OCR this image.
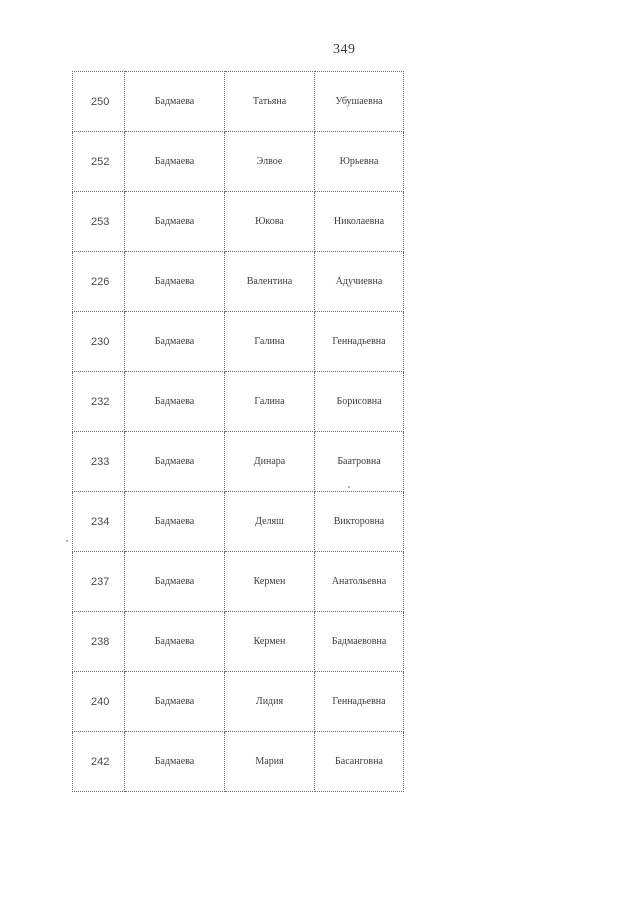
349
250	Бадмаева	Татьяна	Убушаевна
252	Бадмаева	Элвое	Юрьевна
253	Бадмаева	Юкова	Николаевна
226	Бадмаева	Валентина	Адучиевна
230	Бадмаева	Галина	Геннадьевна
232	Бадмаева	Галина	Борисовна
233	Бадмаева	Динара	Баатровна
234	Бадмаева	Деляш	Викторовна
237	Бадмаева	Кермен	Анатольевна
238	Бадмаева	Кермен	Бадмаевовна
240	Бадмаева	Лидия	Геннадьевна
242	Бадмаева	Мария	Басанговна
